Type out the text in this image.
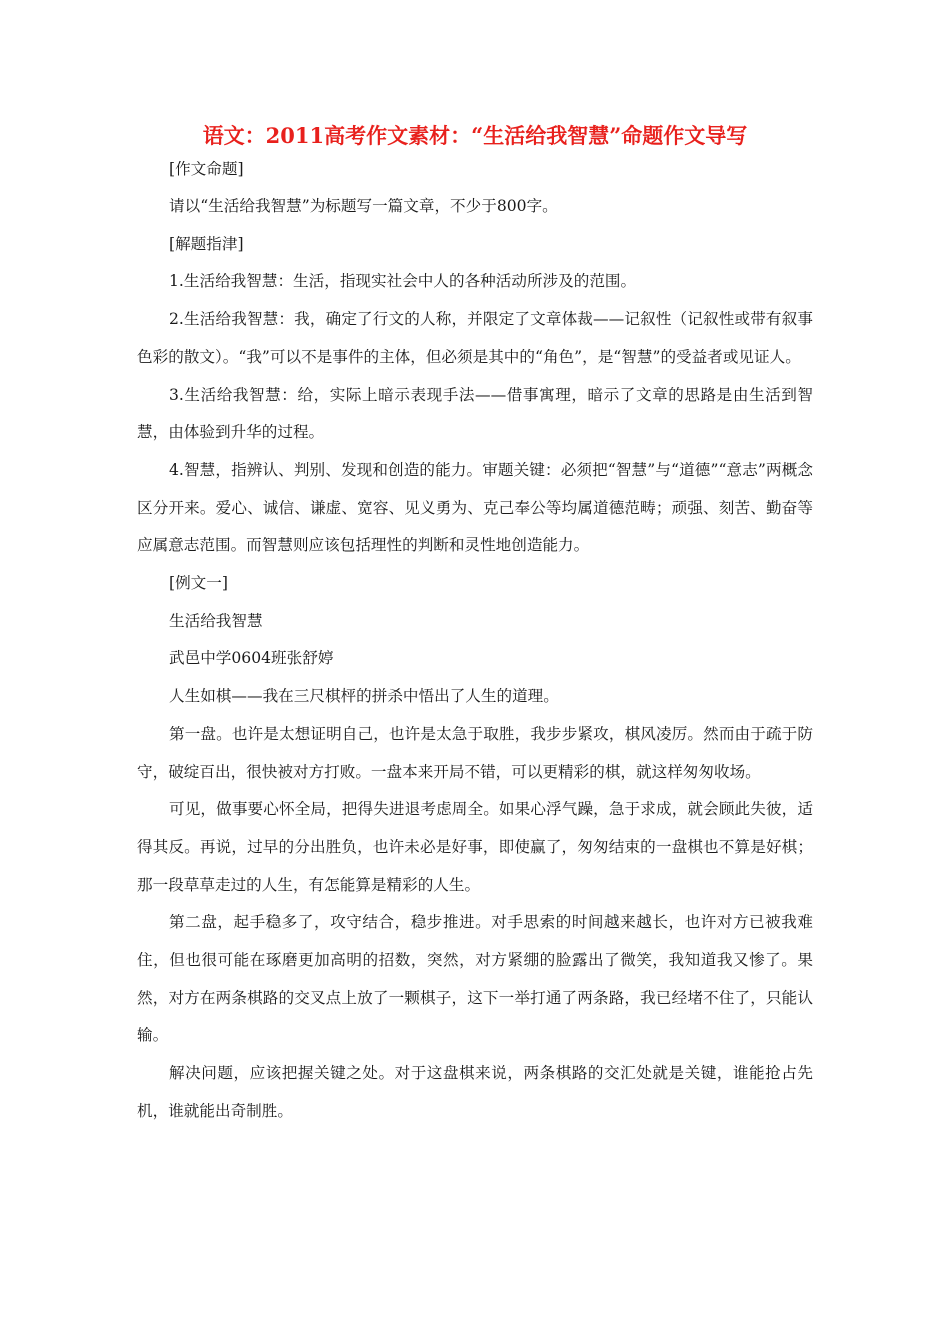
语文：2011高考作文素材：“生活给我智慧”命题作文导写

[作文命题]

请以“生活给我智慧”为标题写一篇文章，不少于800字。

[解题指津]

1.生活给我智慧：生活，指现实社会中人的各种活动所涉及的范围。

2.生活给我智慧：我，确定了行文的人称，并限定了文章体裁——记叙性（记叙性或带有叙事色彩的散文）。“我”可以不是事件的主体，但必须是其中的“角色”，是“智慧”的受益者或见证人。

3.生活给我智慧：给，实际上暗示表现手法——借事寓理，暗示了文章的思路是由生活到智慧，由体验到升华的过程。

4.智慧，指辨认、判别、发现和创造的能力。审题关键：必须把“智慧”与“道德”“意志”两概念区分开来。爱心、诚信、谦虚、宽容、见义勇为、克己奉公等均属道德范畴；顽强、刻苦、勤奋等应属意志范围。而智慧则应该包括理性的判断和灵性地创造能力。

[例文一]

生活给我智慧

武邑中学0604班张舒婷

人生如棋——我在三尺棋枰的拼杀中悟出了人生的道理。

第一盘。也许是太想证明自己，也许是太急于取胜，我步步紧攻，棋风凌厉。然而由于疏于防守，破绽百出，很快被对方打败。一盘本来开局不错，可以更精彩的棋，就这样匆匆收场。

可见，做事要心怀全局，把得失进退考虑周全。如果心浮气躁，急于求成，就会顾此失彼，适得其反。再说，过早的分出胜负，也许未必是好事，即使赢了，匆匆结束的一盘棋也不算是好棋；那一段草草走过的人生，有怎能算是精彩的人生。

第二盘，起手稳多了，攻守结合，稳步推进。对手思索的时间越来越长，也许对方已被我难住，但也很可能在琢磨更加高明的招数，突然，对方紧绷的脸露出了微笑，我知道我又惨了。果然，对方在两条棋路的交叉点上放了一颗棋子，这下一举打通了两条路，我已经堵不住了，只能认输。

解决问题，应该把握关键之处。对于这盘棋来说，两条棋路的交汇处就是关键，谁能抢占先机，谁就能出奇制胜。
